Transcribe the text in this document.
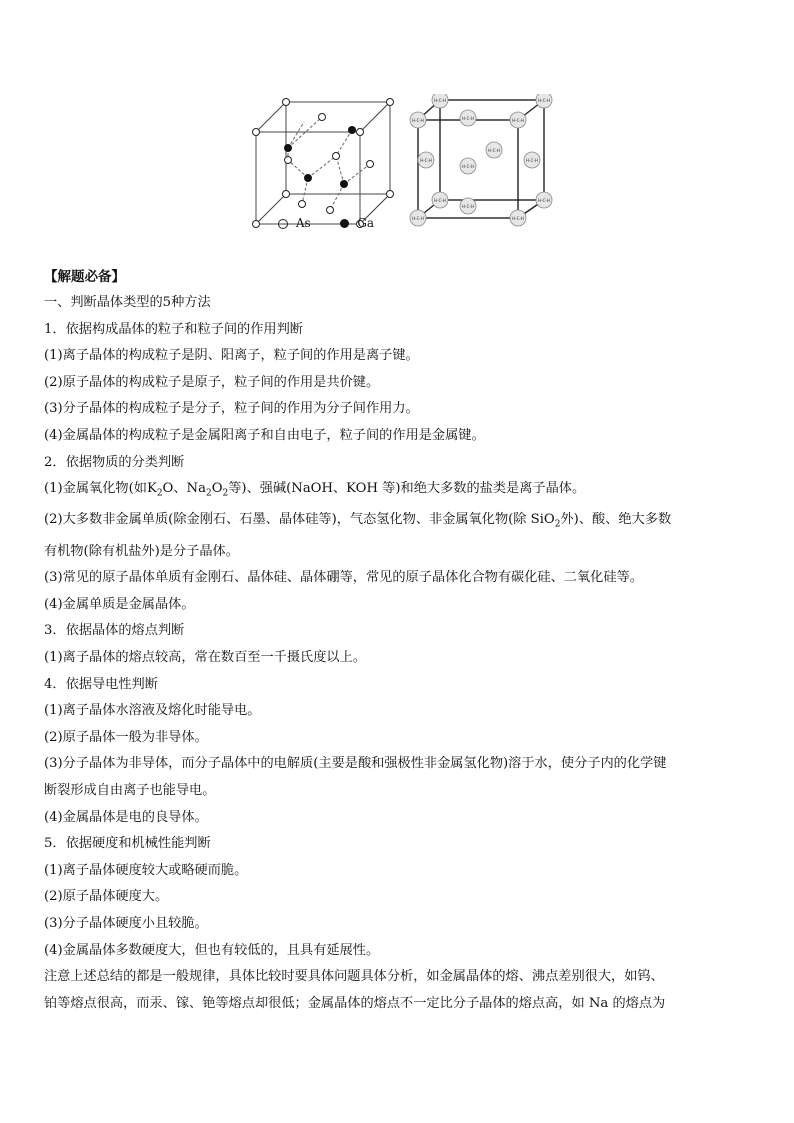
As	Ga
H-C-H	H-C-H
H-C-H	H-C-H
H-C-H	H-C-H
H-C-H
H-C-H
H-C-H
H-C-H
H-C-H	H-C-H
H-C-H
H-C-H
【解题必备】
一、判断晶体类型的5种方法
1．依据构成晶体的粒子和粒子间的作用判断
(1)离子晶体的构成粒子是阴、阳离子，粒子间的作用是离子键。
(2)原子晶体的构成粒子是原子，粒子间的作用是共价键。
(3)分子晶体的构成粒子是分子，粒子间的作用为分子间作用力。
(4)金属晶体的构成粒子是金属阳离子和自由电子，粒子间的作用是金属键。
2．依据物质的分类判断
(1)金属氧化物(如$K_2O$、$Na_2O_2$等)、强碱(NaOH、KOH 等)和绝大多数的盐类是离子晶体。
(2)大多数非金属单质(除金刚石、石墨、晶体硅等)，气态氢化物、非金属氧化物(除 SiO$_2$外)、酸、绝大多数
有机物(除有机盐外)是分子晶体。
(3)常见的原子晶体单质有金刚石、晶体硅、晶体硼等，常见的原子晶体化合物有碳化硅、二氧化硅等。
(4)金属单质是金属晶体。
3．依据晶体的熔点判断
(1)离子晶体的熔点较高，常在数百至一千摄氏度以上。
4．依据导电性判断
(1)离子晶体水溶液及熔化时能导电。
(2)原子晶体一般为非导体。
(3)分子晶体为非导体，而分子晶体中的电解质(主要是酸和强极性非金属氢化物)溶于水，使分子内的化学键
断裂形成自由离子也能导电。
(4)金属晶体是电的良导体。
5．依据硬度和机械性能判断
(1)离子晶体硬度较大或略硬而脆。
(2)原子晶体硬度大。
(3)分子晶体硬度小且较脆。
(4)金属晶体多数硬度大，但也有较低的，且具有延展性。
注意上述总结的都是一般规律，具体比较时要具体问题具体分析，如金属晶体的熔、沸点差别很大，如钨、
铂等熔点很高，而汞、镓、铯等熔点却很低；金属晶体的熔点不一定比分子晶体的熔点高，如 Na 的熔点为
